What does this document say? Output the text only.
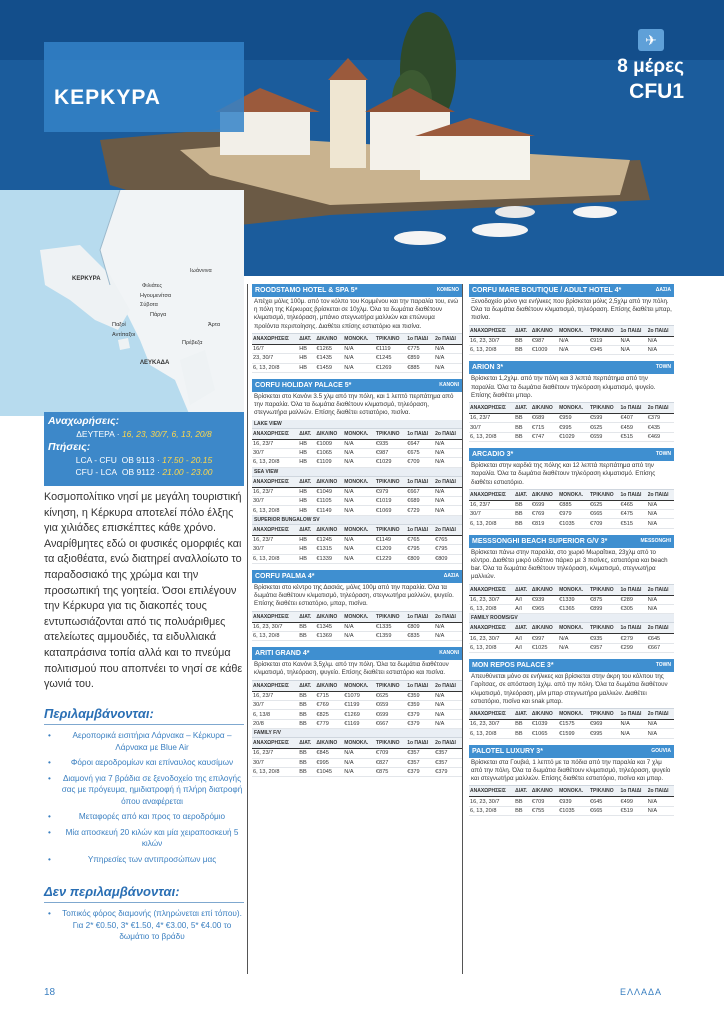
ΚΕΡΚΥΡΑ
✈
8 μέρες
CFU1
ΚΕΡΚΥΡΑ
Ιωάννινα
Φιλιάτες
Ηγουμενίτσα
Σύβοτα
Πάργα
Άρτα
Παξοί
Αντίπαξοι
Πρέβεζα
ΛΕΥΚΑΔΑ
Αναχωρήσεις:
ΔΕΥΤΕΡΑ · 16, 23, 30/7, 6, 13, 20/8
Πτήσεις:
LCA - CFU OB 9113 · 17.50 - 20.15
CFU - LCA OB 9112 · 21.00 - 23.00
Κοσμοπολίτικο νησί με μεγάλη τουριστική κίνηση, η Κέρκυρα αποτελεί πόλο έλξης για χιλιάδες επισκέπτες κάθε χρόνο. Αναρίθμητες εδώ οι φυσικές ομορφιές και τα αξιοθέατα, ενώ διατηρεί αναλλοίωτο το παραδοσιακό της χρώμα και την προσωπική της γοητεία. Όσοι επιλέγουν την Κέρκυρα για τις διακοπές τους εντυπωσιάζονται από τις πολυάριθμες ατελείωτες αμμουδιές, τα ειδυλλιακά καταπράσινα τοπία αλλά και το πνεύμα πολιτισμού που αποπνέει το νησί σε κάθε γωνιά του.
Περιλαμβάνονται:
• Αεροπορικά εισιτήρια Λάρνακα – Κέρκυρα – Λάρνακα με Blue Air
• Φόροι αεροδρομίων και επίναυλος καυσίμων
• Διαμονή για 7 βράδια σε ξενοδοχείο της επιλογής σας με πρόγευμα, ημιδιατροφή ή πλήρη διατροφή όπου αναφέρεται
• Μεταφορές από και προς το αεροδρόμιο
• Μία αποσκευή 20 κιλών και μία χειραποσκευή 5 κιλών
• Υπηρεσίες των αντιπροσώπων μας
Δεν περιλαμβάνονται:
• Τοπικός φόρος διαμονής (πληρώνεται επί τόπου). Για 2* €0.50, 3* €1.50, 4* €3.00, 5* €4.00 το δωμάτιο το βράδυ
ROODSTAMO HOTEL & SPA 5*	ΚΟΜΕΝΟ
Απέχει μόλις 100μ. από τον κόλπο του Κομμένου και την παραλία του, ενώ η πόλη της Κέρκυρας βρίσκεται σε 10χλμ. Όλα τα δωμάτια διαθέτουν κλιματισμό, τηλεόραση, μπάνιο στεγνωτήρα μαλλιών και επώνυμα προϊόντα περιποίησης. Διαθέτει επίσης εστιατόριο και πισίνα.
ΑΝΑΧΩΡΗΣΕΙΣ	ΔΙΑΤ.	ΔΙΚΛΙΝΟ	ΜΟΝΟΚΛ.	ΤΡΙΚΛΙΝΟ	1ο ΠΑΙΔΙ	2ο ΠΑΙΔΙ
16/7	HB	€1265	N/A	€1119	€775	N/A
23, 30/7	HB	€1435	N/A	€1245	€859	N/A
6, 13, 20/8	HB	€1459	N/A	€1269	€885	N/A
CORFU HOLIDAY PALACE 5*	ΚΑΝΟΝΙ
Βρίσκεται στο Κανόνι 3.5 χλμ από την πόλη, και 1 λεπτό περπάτημα από την παραλία. Όλα τα δωμάτια διαθέτουν κλιματισμό, τηλεόραση, στεγνωτήρα μαλλιών. Επίσης διαθέτει εστιατόριο, πισίνα.
LAKE VIEW
ΑΝΑΧΩΡΗΣΕΙΣ	ΔΙΑΤ.	ΔΙΚΛΙΝΟ	ΜΟΝΟΚΛ.	ΤΡΙΚΛΙΝΟ	1ο ΠΑΙΔΙ	2ο ΠΑΙΔΙ
16, 23/7	HB	€1009	N/A	€935	€647	N/A
30/7	HB	€1065	N/A	€987	€675	N/A
6, 13, 20/8	HB	€1109	N/A	€1029	€709	N/A
SEA VIEW
ΑΝΑΧΩΡΗΣΕΙΣ	ΔΙΑΤ.	ΔΙΚΛΙΝΟ	ΜΟΝΟΚΛ.	ΤΡΙΚΛΙΝΟ	1ο ΠΑΙΔΙ	2ο ΠΑΙΔΙ
16, 23/7	HB	€1049	N/A	€979	€667	N/A
30/7	HB	€1105	N/A	€1019	€689	N/A
6, 13, 20/8	HB	€1149	N/A	€1069	€729	N/A
SUPERIOR BUNGALOW SV
ΑΝΑΧΩΡΗΣΕΙΣ	ΔΙΑΤ.	ΔΙΚΛΙΝΟ	ΜΟΝΟΚΛ.	ΤΡΙΚΛΙΝΟ	1ο ΠΑΙΔΙ	2ο ΠΑΙΔΙ
16, 23/7	HB	€1245	N/A	€1149	€765	€765
30/7	HB	€1315	N/A	€1209	€795	€795
6, 13, 20/8	HB	€1339	N/A	€1229	€809	€809
CORFU PALMA 4*	ΔΑΣΙΑ
Βρίσκεται στο κέντρο της Δασιάς, μόλις 100μ από την παραλία. Όλα τα δωμάτια διαθέτουν κλιματισμό, τηλεόραση, στεγνωτήρα μαλλιών, ψυγείο. Επίσης διαθέτει εστιατόριο, μπαρ, πισίνα.
ΑΝΑΧΩΡΗΣΕΙΣ	ΔΙΑΤ.	ΔΙΚΛΙΝΟ	ΜΟΝΟΚΛ.	ΤΡΙΚΛΙΝΟ	1ο ΠΑΙΔΙ	2ο ΠΑΙΔΙ
16, 23, 30/7	BB	€1345	N/A	€1335	€809	N/A
6, 13, 20/8	BB	€1369	N/A	€1359	€835	N/A
ARITI GRAND 4*	ΚΑΝΟΝΙ
Βρίσκεται στο Κανόνι 3,5χλμ. από την πόλη. Όλα τα δωμάτια διαθέτουν κλιματισμό, τηλεόραση, ψυγείο. Επίσης διαθέτει εστιατόριο και πισίνα.
ΑΝΑΧΩΡΗΣΕΙΣ	ΔΙΑΤ.	ΔΙΚΛΙΝΟ	ΜΟΝΟΚΛ.	ΤΡΙΚΛΙΝΟ	1ο ΠΑΙΔΙ	2ο ΠΑΙΔΙ
16, 23/7	BB	€715	€1079	€625	€359	N/A
30/7	BB	€769	€1199	€659	€359	N/A
6, 13/8	BB	€825	€1269	€699	€379	N/A
20/8	BB	€779	€1169	€667	€379	N/A
FAMILY F/V
ΑΝΑΧΩΡΗΣΕΙΣ	ΔΙΑΤ.	ΔΙΚΛΙΝΟ	ΜΟΝΟΚΛ.	ΤΡΙΚΛΙΝΟ	1ο ΠΑΙΔΙ	2ο ΠΑΙΔΙ
16, 23/7	BB	€845	N/A	€709	€357	€357
30/7	BB	€995	N/A	€827	€357	€357
6, 13, 20/8	BB	€1045	N/A	€875	€379	€379
CORFU MARE BOUTIQUE / ADULT HOTEL 4*	ΔΑΣΙΑ
Ξενοδοχείο μόνο για ενήλικες που βρίσκεται μόλις 2,5χλμ από την πόλη. Όλα τα δωμάτια διαθέτουν κλιματισμό, τηλεόραση. Επίσης διαθέτει μπαρ, πισίνα.
ΑΝΑΧΩΡΗΣΕΙΣ	ΔΙΑΤ.	ΔΙΚΛΙΝΟ	ΜΟΝΟΚΛ.	ΤΡΙΚΛΙΝΟ	1ο ΠΑΙΔΙ	2ο ΠΑΙΔΙ
16, 23, 30/7	BB	€987	N/A	€919	N/A	N/A
6, 13, 20/8	BB	€1009	N/A	€945	N/A	N/A
ARION 3*	TOWN
Βρίσκεται 1,2χλμ. από την πόλη και 3 λεπτά περπάτημα από την παραλία. Όλα τα δωμάτια διαθέτουν τηλεόραση κλιματισμό, ψυγείο. Επίσης διαθέτει μπαρ.
ΑΝΑΧΩΡΗΣΕΙΣ	ΔΙΑΤ.	ΔΙΚΛΙΝΟ	ΜΟΝΟΚΛ.	ΤΡΙΚΛΙΝΟ	1ο ΠΑΙΔΙ	2ο ΠΑΙΔΙ
16, 23/7	BB	€689	€959	€599	€407	€379
30/7	BB	€715	€995	€625	€459	€435
6, 13, 20/8	BB	€747	€1029	€659	€515	€469
ARCADIO 3*	TOWN
Βρίσκεται στην καρδιά της πόλης και 12 λεπτά περπάτημα από την παραλία. Όλα τα δωμάτια διαθέτουν τηλεόραση κλιματισμό. Επίσης διαθέτει εστιατόριο.
ΑΝΑΧΩΡΗΣΕΙΣ	ΔΙΑΤ.	ΔΙΚΛΙΝΟ	ΜΟΝΟΚΛ.	ΤΡΙΚΛΙΝΟ	1ο ΠΑΙΔΙ	2ο ΠΑΙΔΙ
16, 23/7	BB	€699	€885	€625	€465	N/A
30/7	BB	€769	€979	€665	€475	N/A
6, 13, 20/8	BB	€819	€1035	€709	€515	N/A
MESSSONGHI BEACH SUPERIOR G/V 3*	MESSONGHI
Βρίσκεται πάνω στην παραλία, στο χωριό Μωραΐτικα, 23χλμ από το κέντρο. Διαθέτει μικρό υδάτινο πάρκο με 3 πισίνες, εστιατόρια και beach bar. Όλα τα δωμάτια διαθέτουν τηλεόραση, κλιματισμό, στεγνωτήρα μαλλιών.
ΑΝΑΧΩΡΗΣΕΙΣ	ΔΙΑΤ.	ΔΙΚΛΙΝΟ	ΜΟΝΟΚΛ.	ΤΡΙΚΛΙΝΟ	1ο ΠΑΙΔΙ	2ο ΠΑΙΔΙ
16, 23, 30/7	A/I	€939	€1339	€875	€289	N/A
6, 13, 20/8	A/I	€965	€1365	€899	€305	N/A
FAMILY ROOMS/GV
ΑΝΑΧΩΡΗΣΕΙΣ	ΔΙΑΤ.	ΔΙΚΛΙΝΟ	ΜΟΝΟΚΛ.	ΤΡΙΚΛΙΝΟ	1ο ΠΑΙΔΙ	2ο ΠΑΙΔΙ
16, 23, 30/7	A/I	€997	N/A	€935	€279	€645
6, 13, 20/8	A/I	€1025	N/A	€957	€299	€667
MON REPOS PALACE 3*	TOWN
Απευθύνεται μόνο σε ενήλικες και βρίσκεται στην άκρη του κόλπου της Γαρίτσας, σε απόσταση 1χλμ. από την πόλη. Όλα τα δωμάτια διαθέτουν κλιματισμό, τηλεόραση, μίνι μπαρ στεγνωτήρα μαλλιών. Διαθέτει εστιατόριο, πισίνα και snak μπαρ.
ΑΝΑΧΩΡΗΣΕΙΣ	ΔΙΑΤ.	ΔΙΚΛΙΝΟ	ΜΟΝΟΚΛ.	ΤΡΙΚΛΙΝΟ	1ο ΠΑΙΔΙ	2ο ΠΑΙΔΙ
16, 23, 30/7	BB	€1039	€1575	€969	N/A	N/A
6, 13, 20/8	BB	€1065	€1599	€995	N/A	N/A
PALOTEL LUXURY 3*	GOUVIA
Βρίσκεται στα Γουβιά, 1 λεπτό με τα πόδια από την παραλία και 7 χλμ από την πόλη. Όλα τα δωμάτια διαθέτουν κλιματισμό, τηλεόραση, ψυγείο και στεγνωτήρα μαλλιών. Επίσης διαθέτει εστιατόριο, πισίνα και μπαρ.
ΑΝΑΧΩΡΗΣΕΙΣ	ΔΙΑΤ.	ΔΙΚΛΙΝΟ	ΜΟΝΟΚΛ.	ΤΡΙΚΛΙΝΟ	1ο ΠΑΙΔΙ	2ο ΠΑΙΔΙ
16, 23, 30/7	BB	€709	€939	€645	€499	N/A
6, 13, 20/8	BB	€755	€1035	€665	€519	N/A
18	ΕΛΛΑΔΑ
